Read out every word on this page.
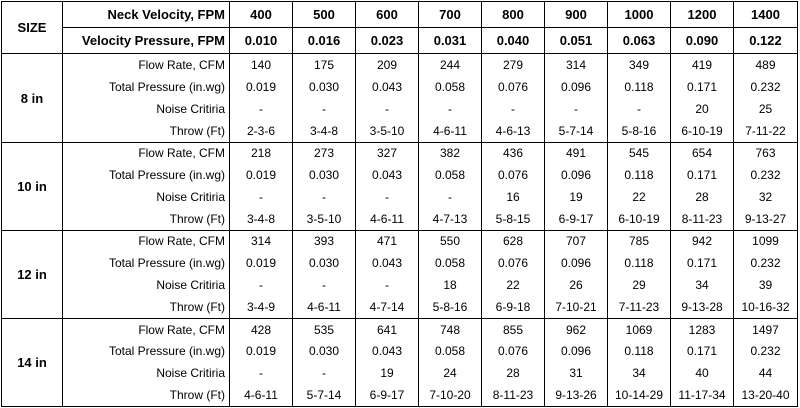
SIZE	Neck Velocity, FPM	400	500	600	700	800	900	1000	1200	1400
	Velocity Pressure, FPM	0.010	0.016	0.023	0.031	0.040	0.051	0.063	0.090	0.122
8 in	Flow Rate, CFM	140	175	209	244	279	314	349	419	489
	Total Pressure (in.wg)	0.019	0.030	0.043	0.058	0.076	0.096	0.118	0.171	0.232
	Noise Critiria	-	-	-	-	-	-	-	20	25
	Throw (Ft)	2-3-6	3-4-8	3-5-10	4-6-11	4-6-13	5-7-14	5-8-16	6-10-19	7-11-22
10 in	Flow Rate, CFM	218	273	327	382	436	491	545	654	763
	Total Pressure (in.wg)	0.019	0.030	0.043	0.058	0.076	0.096	0.118	0.171	0.232
	Noise Critiria	-	-	-	-	16	19	22	28	32
	Throw (Ft)	3-4-8	3-5-10	4-6-11	4-7-13	5-8-15	6-9-17	6-10-19	8-11-23	9-13-27
12 in	Flow Rate, CFM	314	393	471	550	628	707	785	942	1099
	Total Pressure (in.wg)	0.019	0.030	0.043	0.058	0.076	0.096	0.118	0.171	0.232
	Noise Critiria	-	-	-	18	22	26	29	34	39
	Throw (Ft)	3-4-9	4-6-11	4-7-14	5-8-16	6-9-18	7-10-21	7-11-23	9-13-28	10-16-32
14 in	Flow Rate, CFM	428	535	641	748	855	962	1069	1283	1497
	Total Pressure (in.wg)	0.019	0.030	0.043	0.058	0.076	0.096	0.118	0.171	0.232
	Noise Critiria	-	-	19	24	28	31	34	40	44
	Throw (Ft)	4-6-11	5-7-14	6-9-17	7-10-20	8-11-23	9-13-26	10-14-29	11-17-34	13-20-40
